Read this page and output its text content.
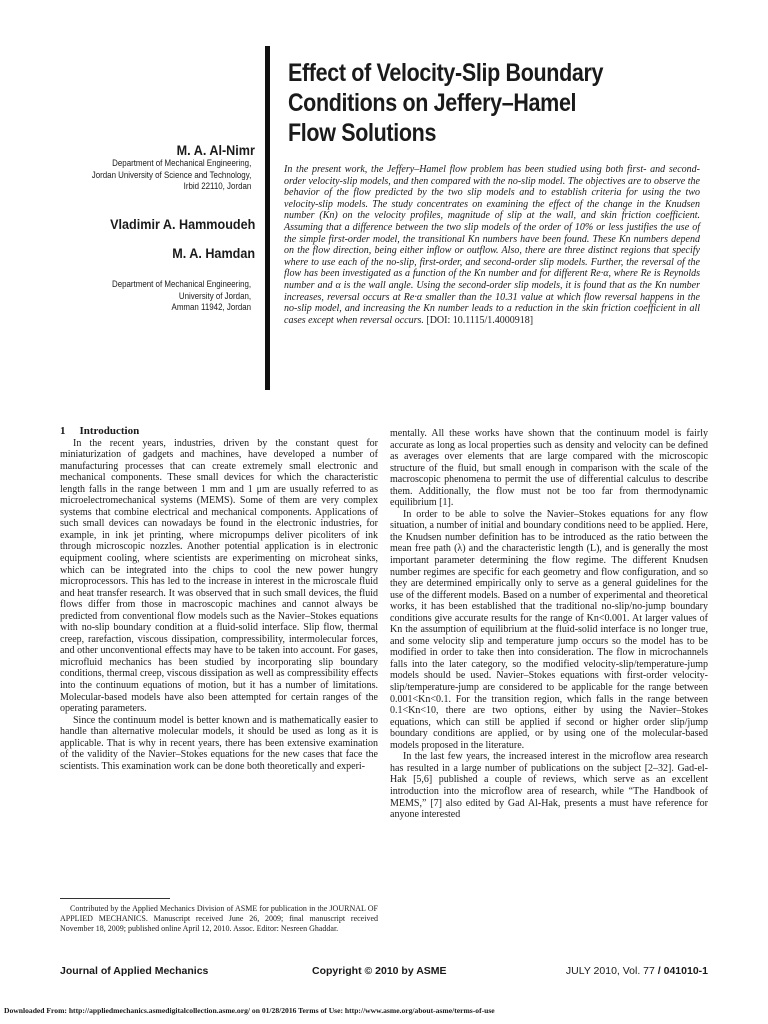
Effect of Velocity-Slip Boundary
Conditions on Jeffery–Hamel
Flow Solutions
M. A. Al-Nimr
Department of Mechanical Engineering,
Jordan University of Science and Technology,
Irbid 22110, Jordan
Vladimir A. Hammoudeh
M. A. Hamdan
Department of Mechanical Engineering,
University of Jordan,
Amman 11942, Jordan
In the present work, the Jeffery–Hamel flow problem has been studied using both first- and second-order velocity-slip models, and then compared with the no-slip model. The objectives are to observe the behavior of the flow predicted by the two slip models and to establish criteria for using the two velocity-slip models. The study concentrates on examining the effect of the change in the Knudsen number (Kn) on the velocity profiles, magnitude of slip at the wall, and skin friction coefficient. Assuming that a difference between the two slip models of the order of 10% or less justifies the use of the simple first-order model, the transitional Kn numbers have been found. These Kn numbers depend on the flow direction, being either inflow or outflow. Also, there are three distinct regions that specify where to use each of the no-slip, first-order, and second-order slip models. Further, the reversal of the flow has been investigated as a function of the Kn number and for different Re·α, where Re is Reynolds number and α is the wall angle. Using the second-order slip models, it is found that as the Kn number increases, reversal occurs at Re·α smaller than the 10.31 value at which flow reversal happens in the no-slip model, and increasing the Kn number leads to a reduction in the skin friction coefficient in all cases except when reversal occurs. [DOI: 10.1115/1.4000918]

1 Introduction

In the recent years, industries, driven by the constant quest for miniaturization of gadgets and machines, have developed a number of manufacturing processes that can create extremely small electronic and mechanical components. These small devices for which the characteristic length falls in the range between 1 mm and 1 μm are usually referred to as microelectromechanical systems (MEMS). Some of them are very complex systems that combine electrical and mechanical components. Applications of such small devices can nowadays be found in the electronic industries, for example, in ink jet printing, where micropumps deliver picoliters of ink through microscopic nozzles. Another potential application is in electronic equipment cooling, where scientists are experimenting on microheat sinks, which can be integrated into the chips to cool the new power hungry microprocessors. This has led to the increase in interest in the microscale fluid and heat transfer research. It was observed that in such small devices, the fluid flows differ from those in macroscopic machines and cannot always be predicted from conventional flow models such as the Navier–Stokes equations with no-slip boundary condition at a fluid-solid interface. Slip flow, thermal creep, rarefaction, viscous dissipation, compressibility, intermolecular forces, and other unconventional effects may have to be taken into account. For gases, microfluid mechanics has been studied by incorporating slip boundary conditions, thermal creep, viscous dissipation as well as compressibility effects into the continuum equations of motion, but it has a number of limitations. Molecular-based models have also been attempted for certain ranges of the operating parameters.

Since the continuum model is better known and is mathematically easier to handle than alternative molecular models, it should be used as long as it is applicable. That is why in recent years, there has been extensive examination of the validity of the Navier–Stokes equations for the new cases that face the scientists. This examination work can be done both theoretically and experi-

mentally. All these works have shown that the continuum model is fairly accurate as long as local properties such as density and velocity can be defined as averages over elements that are large compared with the microscopic structure of the fluid, but small enough in comparison with the scale of the macroscopic phenomena to permit the use of differential calculus to describe them. Additionally, the flow must not be too far from thermodynamic equilibrium [1].

In order to be able to solve the Navier–Stokes equations for any flow situation, a number of initial and boundary conditions need to be applied. Here, the Knudsen number definition has to be introduced as the ratio between the mean free path (λ) and the characteristic length (L), and is generally the most important parameter determining the flow regime. The different Knudsen number regimes are specific for each geometry and flow configuration, and so they are determined empirically only to serve as a general guidelines for the use of the different models. Based on a number of experimental and theoretical works, it has been established that the traditional no-slip/no-jump boundary conditions give accurate results for the range of Kn<0.001. At larger values of Kn the assumption of equilibrium at the fluid-solid interface is no longer true, and some velocity slip and temperature jump occurs so the model has to be modified in order to take then into consideration. The flow in microchannels falls into the later category, so the modified velocity-slip/temperature-jump models should be used. Navier–Stokes equations with first-order velocity-slip/temperature-jump are considered to be applicable for the range between 0.001<Kn<0.1. For the transition region, which falls in the range between 0.1<Kn<10, there are two options, either by using the Navier–Stokes equations, which can still be applied if second or higher order slip/jump boundary conditions are applied, or by using one of the molecular-based models proposed in the literature.

In the last few years, the increased interest in the microflow area research has resulted in a large number of publications on the subject [2–32]. Gad-el-Hak [5,6] published a couple of reviews, which serve as an excellent introduction into the microflow area of research, while “The Handbook of MEMS,” [7] also edited by Gad Al-Hak, presents a must have reference for anyone interested

Contributed by the Applied Mechanics Division of ASME for publication in the JOURNAL OF APPLIED MECHANICS. Manuscript received June 26, 2009; final manuscript received November 18, 2009; published online April 12, 2010. Assoc. Editor: Nesreen Ghaddar.
Journal of Applied Mechanics	Copyright © 2010 by ASME	JULY 2010, Vol. 77 / 041010-1
Downloaded From: http://appliedmechanics.asmedigitalcollection.asme.org/ on 01/28/2016 Terms of Use: http://www.asme.org/about-asme/terms-of-use
